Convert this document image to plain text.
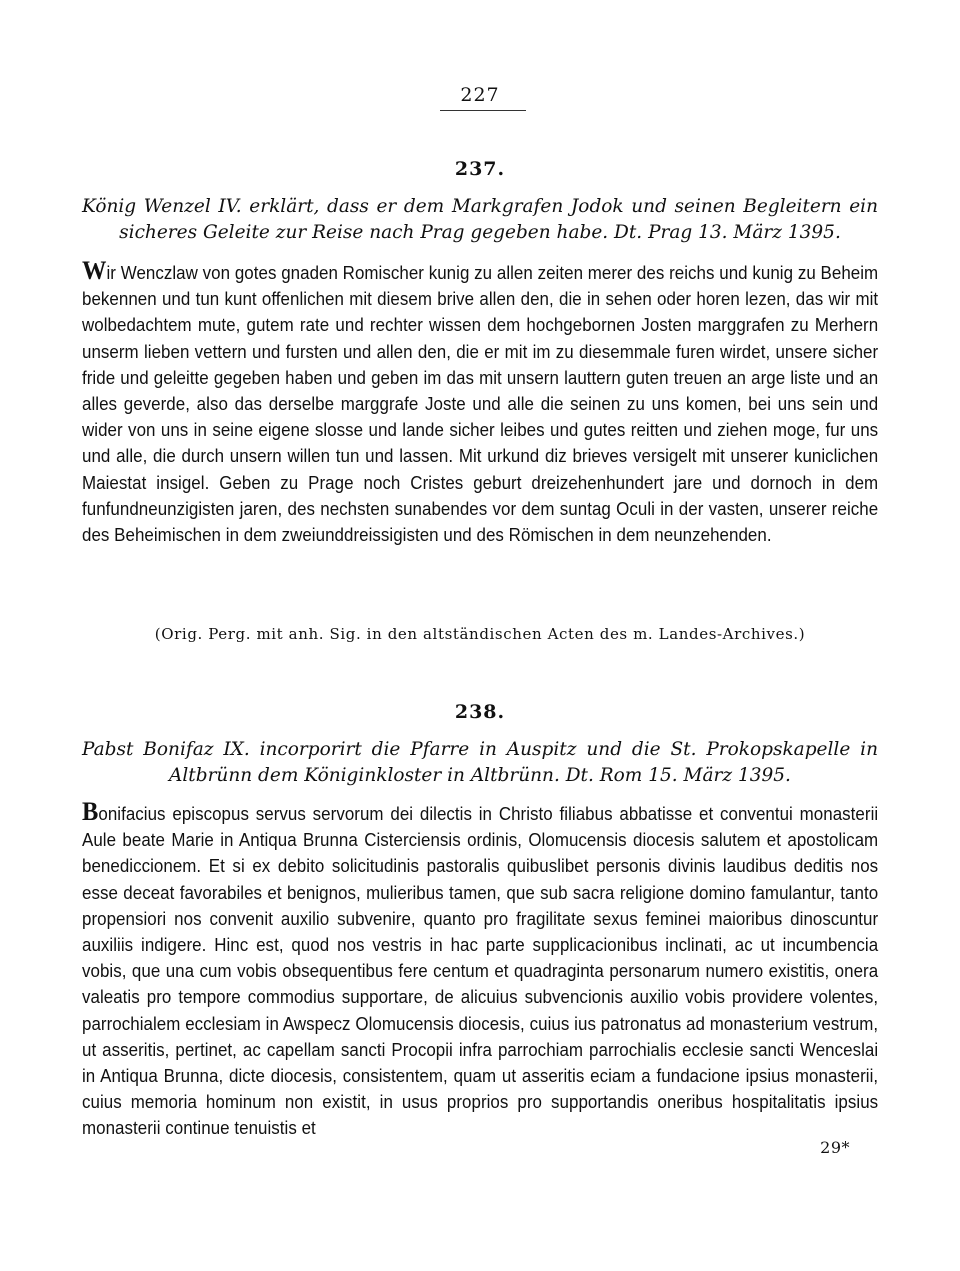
227
237.
König Wenzel IV. erklärt, dass er dem Markgrafen Jodok und seinen Begleitern ein sicheres Geleite zur Reise nach Prag gegeben habe. Dt. Prag 13. März 1395.
Wir Wenczlaw von gotes gnaden Romischer kunig zu allen zeiten merer des reichs und kunig zu Beheim bekennen und tun kunt offenlichen mit diesem brive allen den, die in sehen oder horen lezen, das wir mit wolbedachtem mute, gutem rate und rechter wissen dem hochgebornen Josten marggrafen zu Merhern unserm lieben vettern und fursten und allen den, die er mit im zu diesemmale furen wirdet, unsere sicher fride und geleitte gegeben haben und geben im das mit unsern lauttern guten treuen an arge liste und an alles geverde, also das derselbe marggrafe Joste und alle die seinen zu uns komen, bei uns sein und wider von uns in seine eigene slosse und lande sicher leibes und gutes reitten und ziehen moge, fur uns und alle, die durch unsern willen tun und lassen. Mit urkund diz brieves versigelt mit unserer kuniclichen Maiestat insigel. Geben zu Prage noch Cristes geburt dreizehenhundert jare und dornoch in dem funfundneunzigisten jaren, des nechsten sunabendes vor dem suntag Oculi in der vasten, unserer reiche des Beheimischen in dem zweiunddreissigisten und des Römischen in dem neunzehenden.
(Orig. Perg. mit anh. Sig. in den altständischen Acten des m. Landes-Archives.)
238.
Pabst Bonifaz IX. incorporirt die Pfarre in Auspitz und die St. Prokopskapelle in Altbrünn dem Königinkloster in Altbrünn. Dt. Rom 15. März 1395.
Bonifacius episcopus servus servorum dei dilectis in Christo filiabus abbatisse et conventui monasterii Aule beate Marie in Antiqua Brunna Cisterciensis ordinis, Olomucensis diocesis salutem et apostolicam benediccionem. Et si ex debito solicitudinis pastoralis quibuslibet personis divinis laudibus deditis nos esse deceat favorabiles et benignos, mulieribus tamen, que sub sacra religione domino famulantur, tanto propensiori nos convenit auxilio subvenire, quanto pro fragilitate sexus feminei maioribus dinoscuntur auxiliis indigere. Hinc est, quod nos vestris in hac parte supplicacionibus inclinati, ac ut incumbencia vobis, que una cum vobis obsequentibus fere centum et quadraginta personarum numero existitis, onera valeatis pro tempore commodius supportare, de alicuius subvencionis auxilio vobis providere volentes, parrochialem ecclesiam in Awspecz Olomucensis diocesis, cuius ius patronatus ad monasterium vestrum, ut asseritis, pertinet, ac capellam sancti Procopii infra parrochiam parrochialis ecclesie sancti Wenceslai in Antiqua Brunna, dicte diocesis, consistentem, quam ut asseritis eciam a fundacione ipsius monasterii, cuius memoria hominum non existit, in usus proprios pro supportandis oneribus hospitalitatis ipsius monasterii continue tenuistis et
29*
